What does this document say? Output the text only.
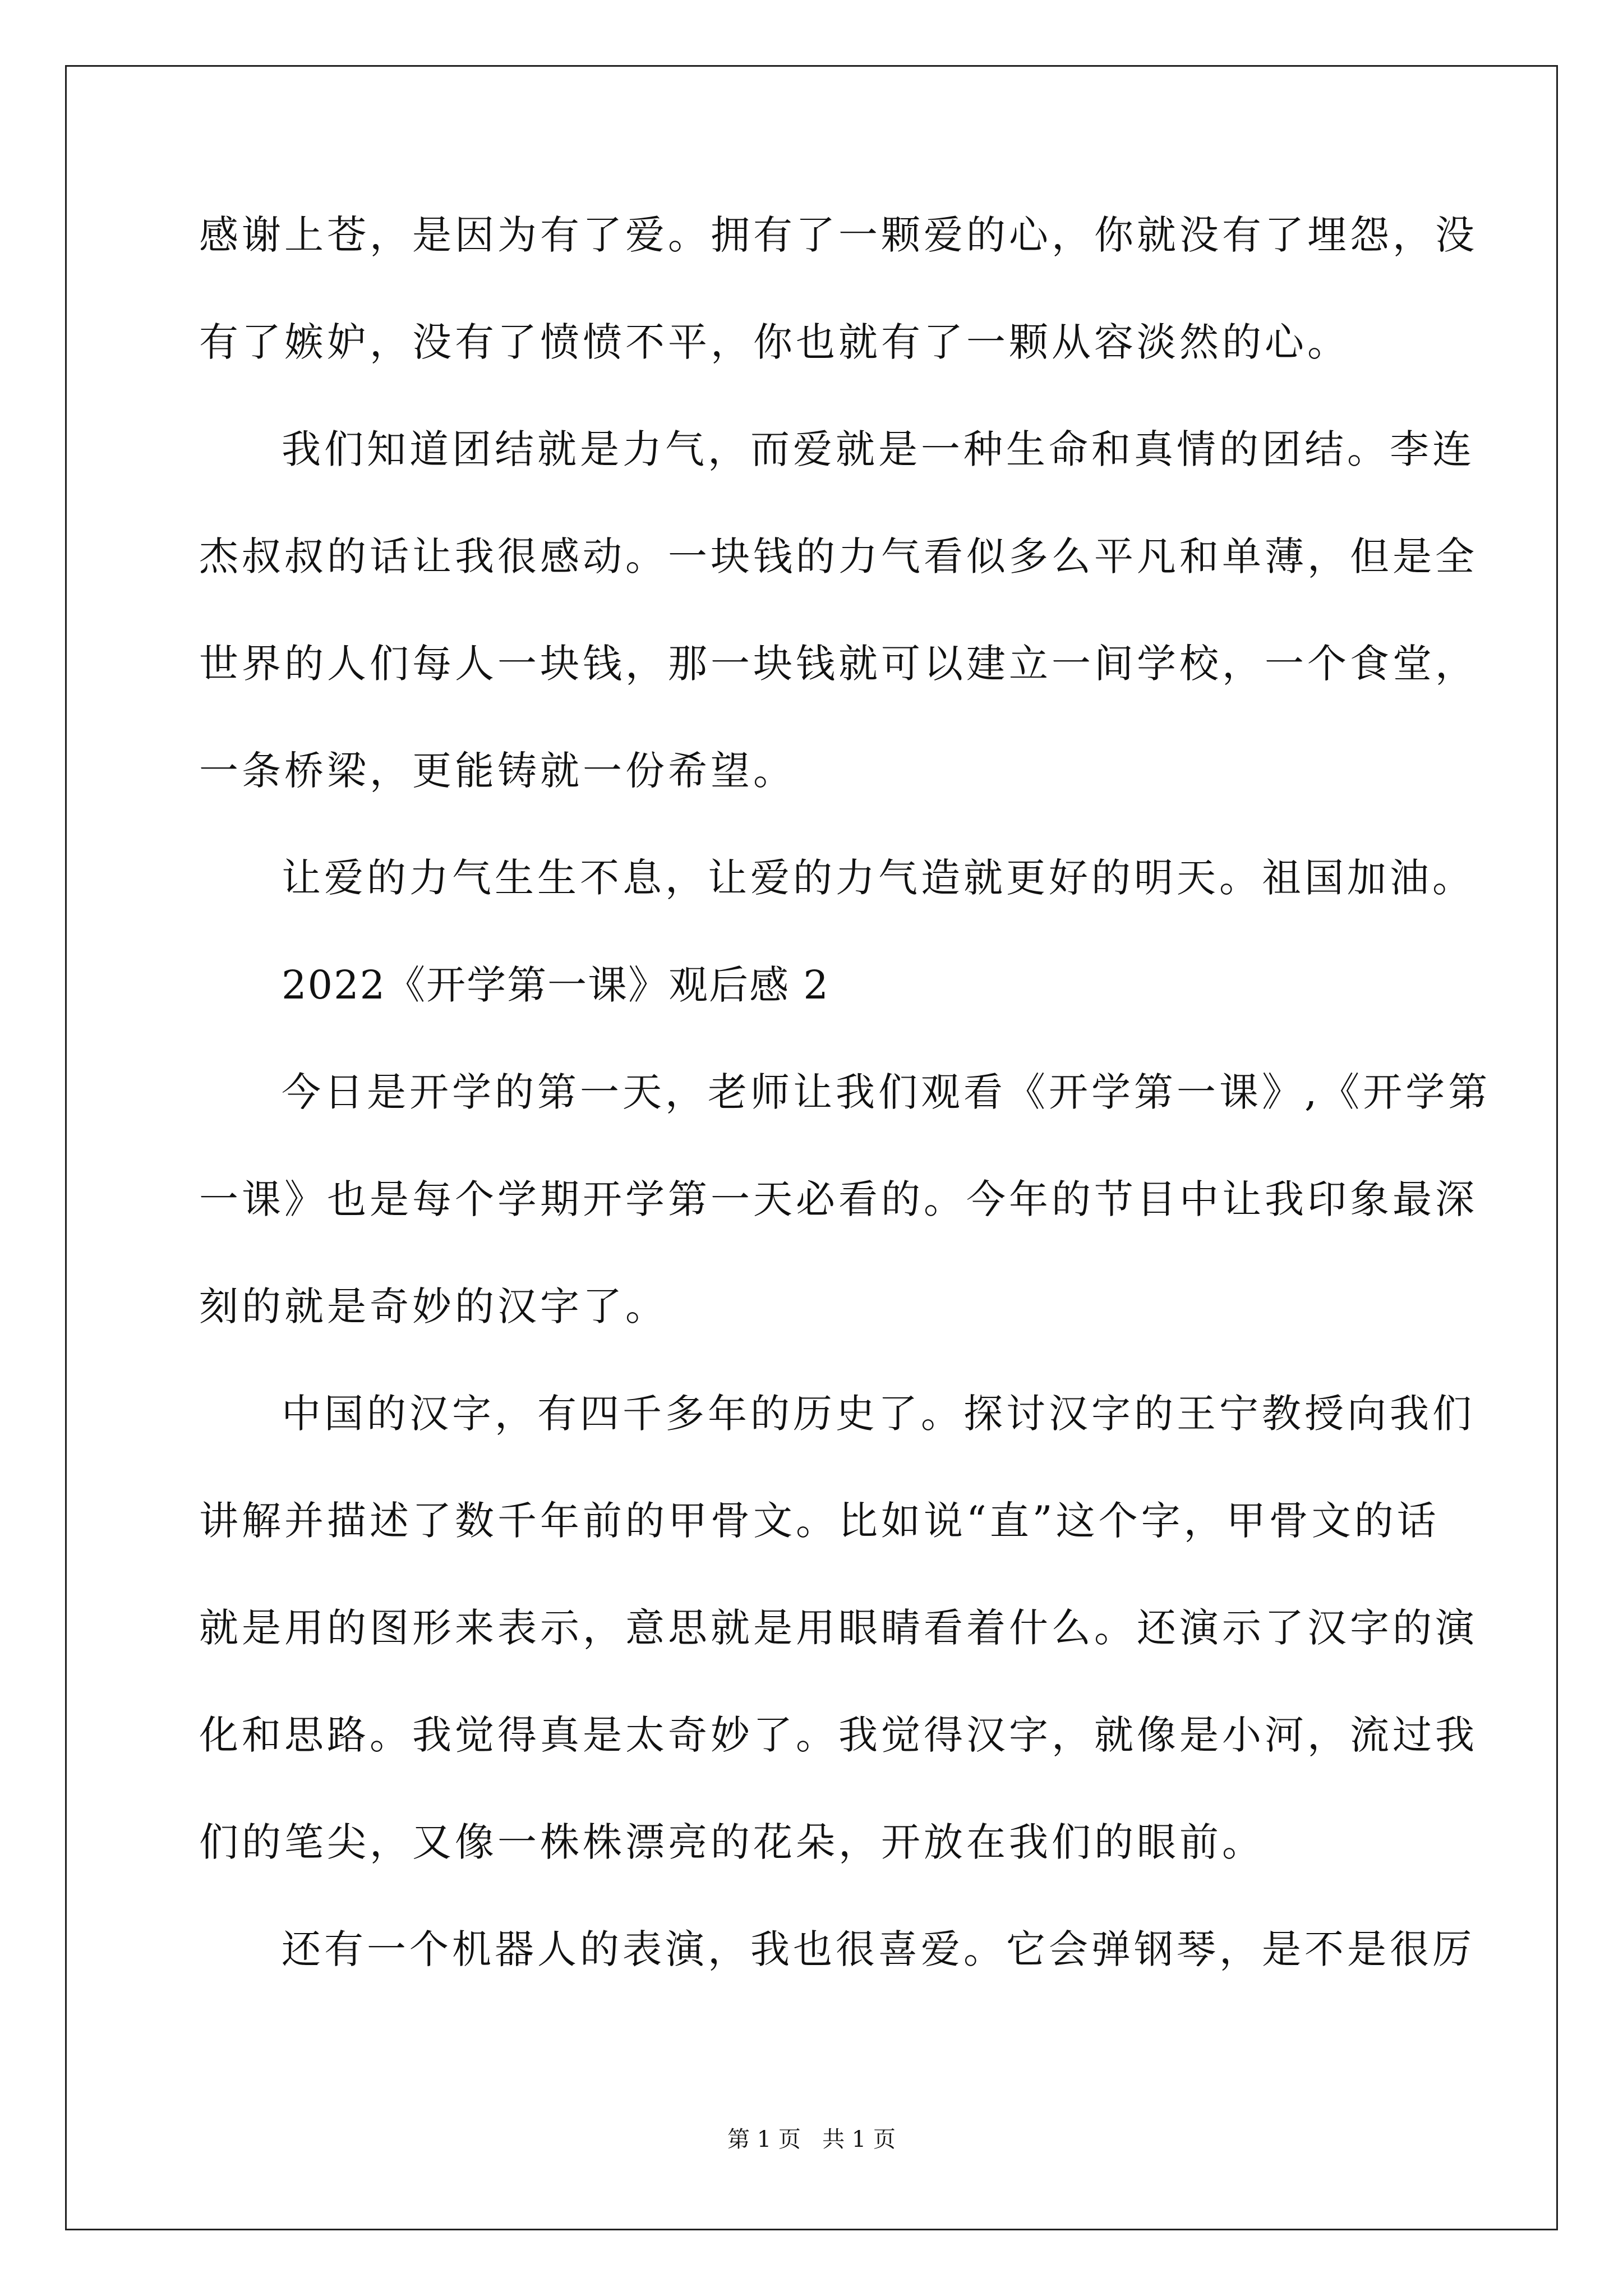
感谢上苍，是因为有了爱。拥有了一颗爱的心，你就没有了埋怨，没
有了嫉妒，没有了愤愤不平，你也就有了一颗从容淡然的心。
我们知道团结就是力气，而爱就是一种生命和真情的团结。李连
杰叔叔的话让我很感动。一块钱的力气看似多么平凡和单薄，但是全
世界的人们每人一块钱，那一块钱就可以建立一间学校，一个食堂，
一条桥梁，更能铸就一份希望。
让爱的力气生生不息，让爱的力气造就更好的明天。祖国加油。
2022《开学第一课》观后感 2
今日是开学的第一天，老师让我们观看《开学第一课》,《开学第
一课》也是每个学期开学第一天必看的。今年的节目中让我印象最深
刻的就是奇妙的汉字了。
中国的汉字，有四千多年的历史了。探讨汉字的王宁教授向我们
讲解并描述了数千年前的甲骨文。比如说“直”这个字，甲骨文的话
就是用的图形来表示，意思就是用眼睛看着什么。还演示了汉字的演
化和思路。我觉得真是太奇妙了。我觉得汉字，就像是小河，流过我
们的笔尖，又像一株株漂亮的花朵，开放在我们的眼前。
还有一个机器人的表演，我也很喜爱。它会弹钢琴，是不是很厉
第 1 页   共 1 页
